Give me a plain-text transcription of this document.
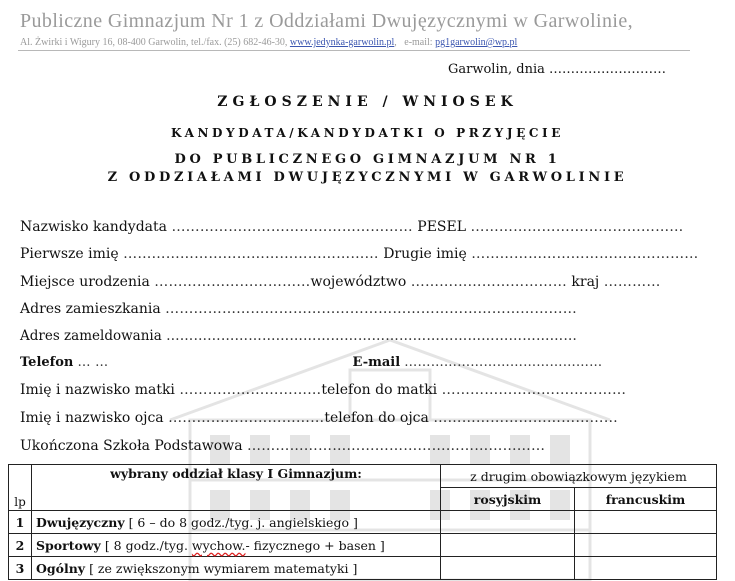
Publiczne Gimnazjum Nr 1 z Oddziałami Dwujęzycznymi w Garwolinie,
Al. Żwirki i Wigury 16, 08-400 Garwolin, tel./fax. (25) 682-46-30, www.jedynka-garwolin.pl,   e-mail: pg1garwolin@wp.pl
Garwolin, dnia ………………………
ZGŁOSZENIE / WNIOSEK
KANDYDATA/KANDYDATKI O PRZYJĘCIE
DO PUBLICZNEGO GIMNAZJUM NR 1
Z ODDZIAŁAMI DWUJĘZYCZNYMI W GARWOLINIE
Nazwisko kandydata …………………………………………… PESEL ………………………………………
Pierwsze imię ……………………………………………… Drugie imię …………………………………………
Miejsce urodzenia ……………………………województwo …………………………… kraj …………
Adres zamieszkania ……………………………………………………………………………
Adres zameldowania ………………………………………………………………………………
Telefon … …	E-mail ………………………………………
Imię i nazwisko matki …………………………telefon do matki …………………………………
Imię i nazwisko ojca ……………………………telefon do ojca …………………………………
Ukończona Szkoła Podstawowa ………………………………………………………
lp	wybrany oddział klasy I Gimnazjum:	z drugim obowiązkowym językiem	
		rosyjskim	francuskim
1	Dwujęzyczny [ 6 – do 8 godz./tyg. j. angielskiego ]		
2	Sportowy [ 8 godz./tyg. wychow.- fizycznego + basen ]		
3	Ogólny [ ze zwiększonym wymiarem matematyki ]		
